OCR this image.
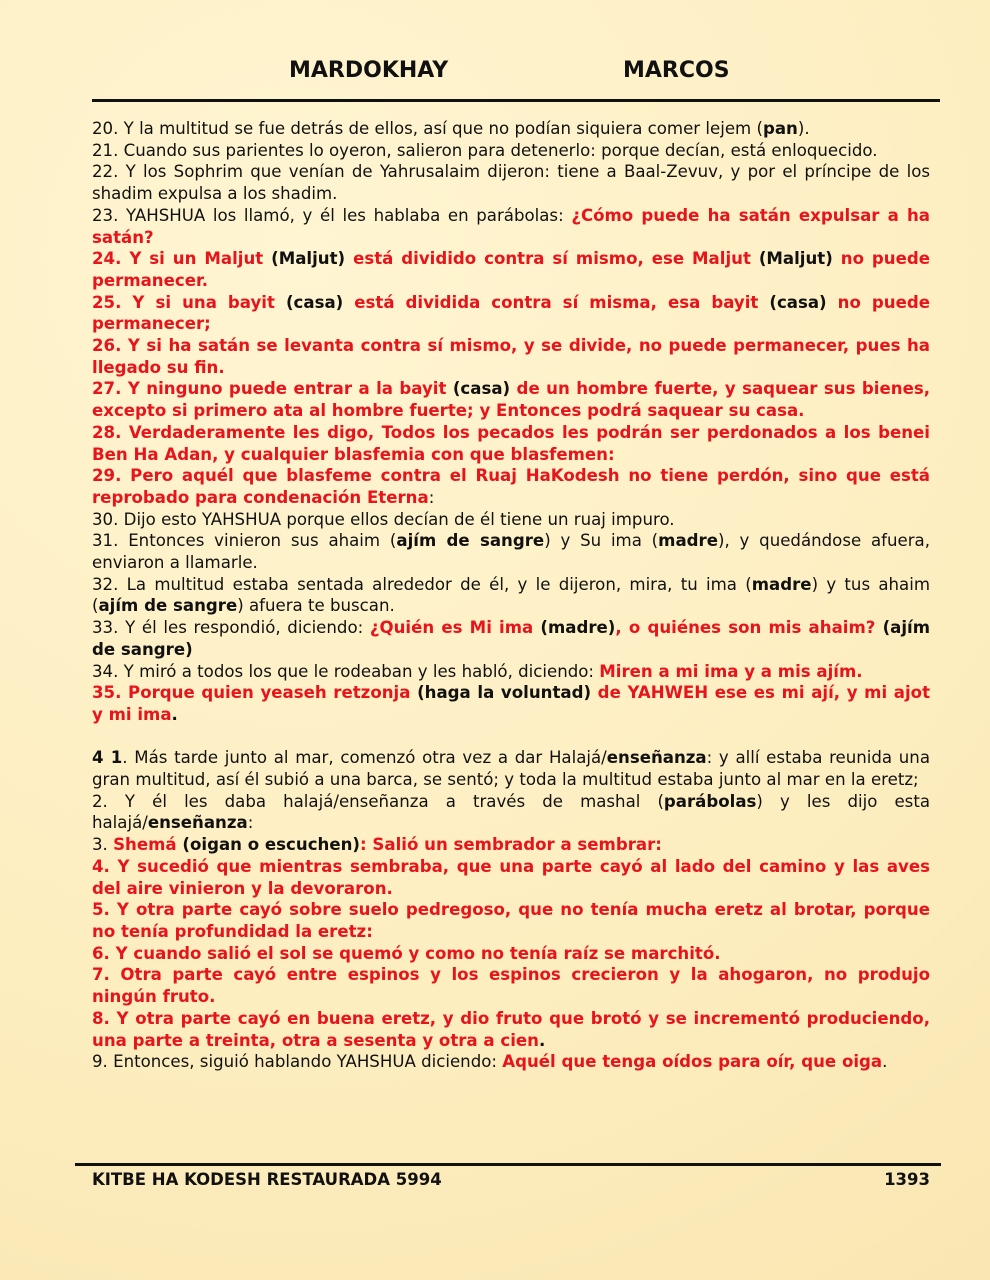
MARDOKHAY	MARCOS

20. Y la multitud se fue detrás de ellos, así que no podían siquiera comer lejem (pan).

21. Cuando sus parientes lo oyeron, salieron para detenerlo: porque decían, está enloquecido.

22. Y los Sophrim que venían de Yahrusalaim dijeron: tiene a Baal-Zevuv, y por el príncipe de los shadim expulsa a los shadim.

23. YAHSHUA los llamó, y él les hablaba en parábolas: ¿Cómo puede ha satán expulsar a ha satán?

24. Y si un Maljut (Maljut) está dividido contra sí mismo, ese Maljut (Maljut) no puede permanecer.

25. Y si una bayit (casa) está dividida contra sí misma, esa bayit (casa) no puede permanecer;

26. Y si ha satán se levanta contra sí mismo, y se divide, no puede permanecer, pues ha llegado su fin.

27. Y ninguno puede entrar a la bayit (casa) de un hombre fuerte, y saquear sus bienes, excepto si primero ata al hombre fuerte; y Entonces podrá saquear su casa.

28. Verdaderamente les digo, Todos los pecados les podrán ser perdonados a los benei Ben Ha Adan, y cualquier blasfemia con que blasfemen:

29. Pero aquél que blasfeme contra el Ruaj HaKodesh no tiene perdón, sino que está reprobado para condenación Eterna:

30. Dijo esto YAHSHUA porque ellos decían de él tiene un ruaj impuro.

31. Entonces vinieron sus ahaim (ajím de sangre) y Su ima (madre), y quedándose afuera, enviaron a llamarle.

32. La multitud estaba sentada alrededor de él, y le dijeron, mira, tu ima (madre) y tus ahaim (ajím de sangre) afuera te buscan.

33. Y él les respondió, diciendo: ¿Quién es Mi ima (madre), o quiénes son mis ahaim? (ajím de sangre)

34. Y miró a todos los que le rodeaban y les habló, diciendo: Miren a mi ima y a mis ajím.

35. Porque quien yeaseh retzonja (haga la voluntad) de YAHWEH ese es mi ají, y mi ajot y mi ima.

4 1. Más tarde junto al mar, comenzó otra vez a dar Halajá/enseñanza: y allí estaba reunida una gran multitud, así él subió a una barca, se sentó; y toda la multitud estaba junto al mar en la eretz;

2. Y él les daba halajá/enseñanza a través de mashal (parábolas) y les dijo esta halajá/enseñanza:

3. Shemá (oigan o escuchen): Salió un sembrador a sembrar:

4. Y sucedió que mientras sembraba, que una parte cayó al lado del camino y las aves del aire vinieron y la devoraron.

5. Y otra parte cayó sobre suelo pedregoso, que no tenía mucha eretz al brotar, porque no tenía profundidad la eretz:

6. Y cuando salió el sol se quemó y como no tenía raíz se marchitó.

7. Otra parte cayó entre espinos y los espinos crecieron y la ahogaron, no produjo ningún fruto.

8. Y otra parte cayó en buena eretz, y dio fruto que brotó y se incrementó produciendo, una parte a treinta, otra a sesenta y otra a cien.

9. Entonces, siguió hablando YAHSHUA diciendo: Aquél que tenga oídos para oír, que oiga.

KITBE HA KODESH RESTAURADA 5994	1393
